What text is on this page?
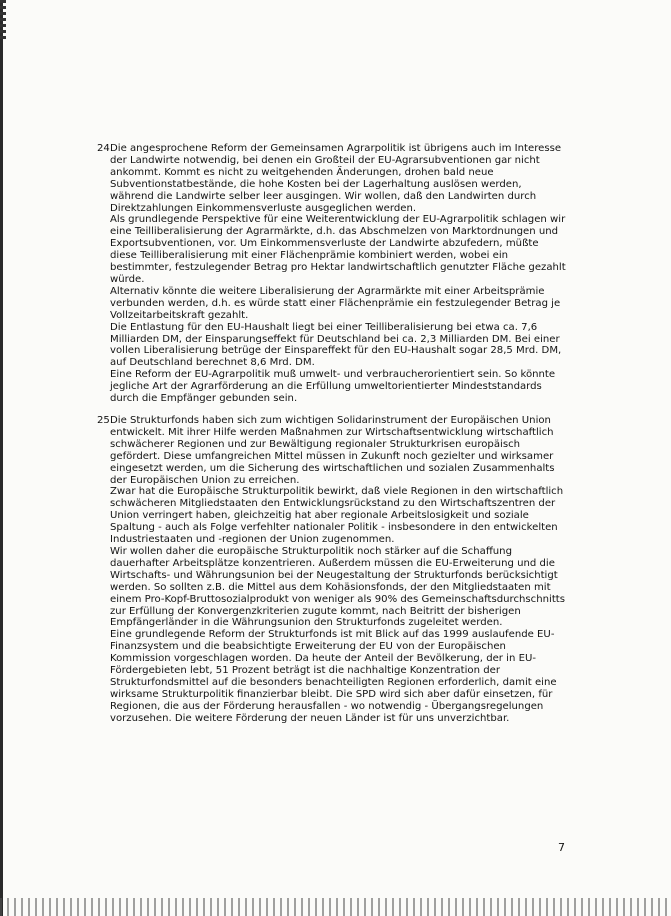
24.

Die angesprochene Reform der Gemeinsamen Agrarpolitik ist übrigens auch im Interesse der Landwirte notwendig, bei denen ein Großteil der EU-Agrarsubventionen gar nicht ankommt. Kommt es nicht zu weitgehenden Änderungen, drohen bald neue Subventionstatbestände, die hohe Kosten bei der Lagerhaltung auslösen werden, während die Landwirte selber leer ausgingen. Wir wollen, daß den Landwirten durch Direktzahlungen Einkommensverluste ausgeglichen werden.

Als grundlegende Perspektive für eine Weiterentwicklung der EU-Agrarpolitik schlagen wir eine Teilliberalisierung der Agrarmärkte, d.h. das Abschmelzen von Marktordnungen und Exportsubventionen, vor. Um Einkommensverluste der Landwirte abzufedern, müßte diese Teilliberalisierung mit einer Flächenprämie kombiniert werden, wobei ein bestimmter, festzulegender Betrag pro Hektar landwirtschaftlich genutzter Fläche gezahlt würde.

Alternativ könnte die weitere Liberalisierung der Agrarmärkte mit einer Arbeitsprämie verbunden werden, d.h. es würde statt einer Flächenprämie ein festzulegender Betrag je Vollzeitarbeitskraft gezahlt.

Die Entlastung für den EU-Haushalt liegt bei einer Teilliberalisierung bei etwa ca. 7,6 Milliarden DM, der Einsparungseffekt für Deutschland bei ca. 2,3 Milliarden DM. Bei einer vollen Liberalisierung betrüge der Einspareffekt für den EU-Haushalt sogar 28,5 Mrd. DM, auf Deutschland berechnet 8,6 Mrd. DM.

Eine Reform der EU-Agrarpolitik muß umwelt- und verbraucherorientiert sein. So könnte jegliche Art der Agrarförderung an die Erfüllung umweltorientierter Mindeststandards durch die Empfänger gebunden sein.

25.

Die Strukturfonds haben sich zum wichtigen Solidarinstrument der Europäischen Union entwickelt. Mit ihrer Hilfe werden Maßnahmen zur Wirtschaftsentwicklung wirtschaftlich schwächerer Regionen und zur Bewältigung regionaler Strukturkrisen europäisch gefördert. Diese umfangreichen Mittel müssen in Zukunft noch gezielter und wirksamer eingesetzt werden, um die Sicherung des wirtschaftlichen und sozialen Zusammenhalts der Europäischen Union zu erreichen.

Zwar hat die Europäische Strukturpolitik bewirkt, daß viele Regionen in den wirtschaftlich schwächeren Mitgliedstaaten den Entwicklungsrückstand zu den Wirtschaftszentren der Union verringert haben, gleichzeitig hat aber regionale Arbeitslosigkeit und soziale Spaltung - auch als Folge verfehlter nationaler Politik - insbesondere in den entwickelten Industriestaaten und -regionen der Union zugenommen.

Wir wollen daher die europäische Strukturpolitik noch stärker auf die Schaffung dauerhafter Arbeitsplätze konzentrieren. Außerdem müssen die EU-Erweiterung und die Wirtschafts- und Währungsunion bei der Neugestaltung der Strukturfonds berücksichtigt werden. So sollten z.B. die Mittel aus dem Kohäsionsfonds, der den Mitgliedstaaten mit einem Pro-Kopf-Bruttosozialprodukt von weniger als 90% des Gemeinschaftsdurchschnitts zur Erfüllung der Konvergenzkriterien zugute kommt, nach Beitritt der bisherigen Empfängerländer in die Währungsunion den Strukturfonds zugeleitet werden.

Eine grundlegende Reform der Strukturfonds ist mit Blick auf das 1999 auslaufende EU-Finanzsystem und die beabsichtigte Erweiterung der EU von der Europäischen Kommission vorgeschlagen worden. Da heute der Anteil der Bevölkerung, der in EU-Fördergebieten lebt, 51 Prozent beträgt ist die nachhaltige Konzentration der Strukturfondsmittel auf die besonders benachteiligten Regionen erforderlich, damit eine wirksame Strukturpolitik finanzierbar bleibt. Die SPD wird sich aber dafür einsetzen, für Regionen, die aus der Förderung herausfallen - wo notwendig - Übergangsregelungen vorzusehen. Die weitere Förderung der neuen Länder ist für uns unverzichtbar.

7
